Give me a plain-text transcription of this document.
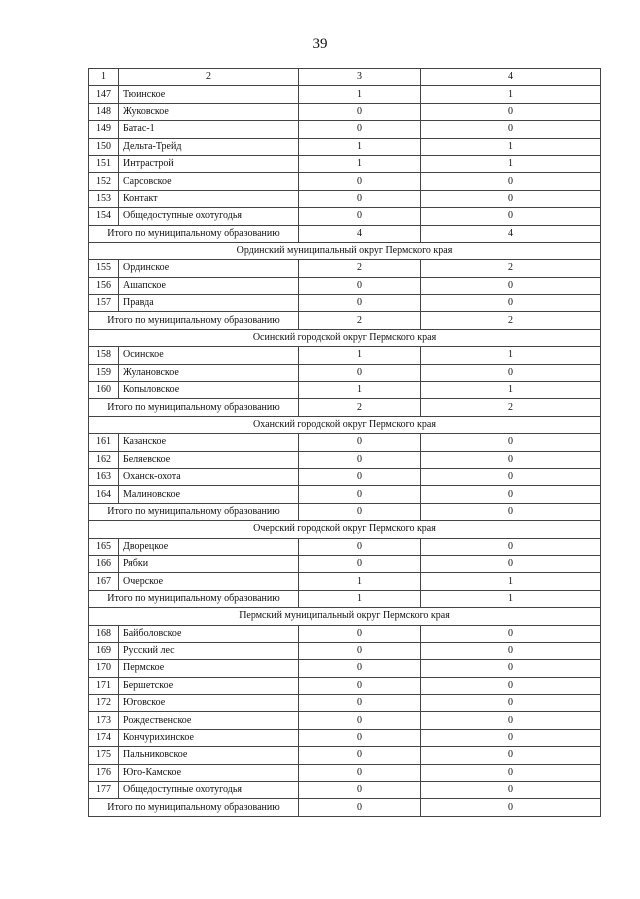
39
1	2	3	4
147	Тюинское	1	1
148	Жуковское	0	0
149	Батас-1	0	0
150	Дельта-Трейд	1	1
151	Интрастрой	1	1
152	Сарсовское	0	0
153	Контакт	0	0
154	Общедоступные охотугодья	0	0
Итого по муниципальному образованию		4	4
Ординский муниципальный округ Пермского края			
155	Ординское	2	2
156	Ашапское	0	0
157	Правда	0	0
Итого по муниципальному образованию		2	2
Осинский городской округ Пермского края			
158	Осинское	1	1
159	Жулановское	0	0
160	Копыловское	1	1
Итого по муниципальному образованию		2	2
Оханский городской округ Пермского края			
161	Казанское	0	0
162	Беляевское	0	0
163	Оханск-охота	0	0
164	Малиновское	0	0
Итого по муниципальному образованию		0	0
Очерский городской округ Пермского края			
165	Дворецкое	0	0
166	Рябки	0	0
167	Очерское	1	1
Итого по муниципальному образованию		1	1
Пермский муниципальный округ Пермского края			
168	Байболовское	0	0
169	Русский лес	0	0
170	Пермское	0	0
171	Бершетское	0	0
172	Юговское	0	0
173	Рождественское	0	0
174	Кончурихинское	0	0
175	Пальниковское	0	0
176	Юго-Камское	0	0
177	Общедоступные охотугодья	0	0
Итого по муниципальному образованию		0	0
